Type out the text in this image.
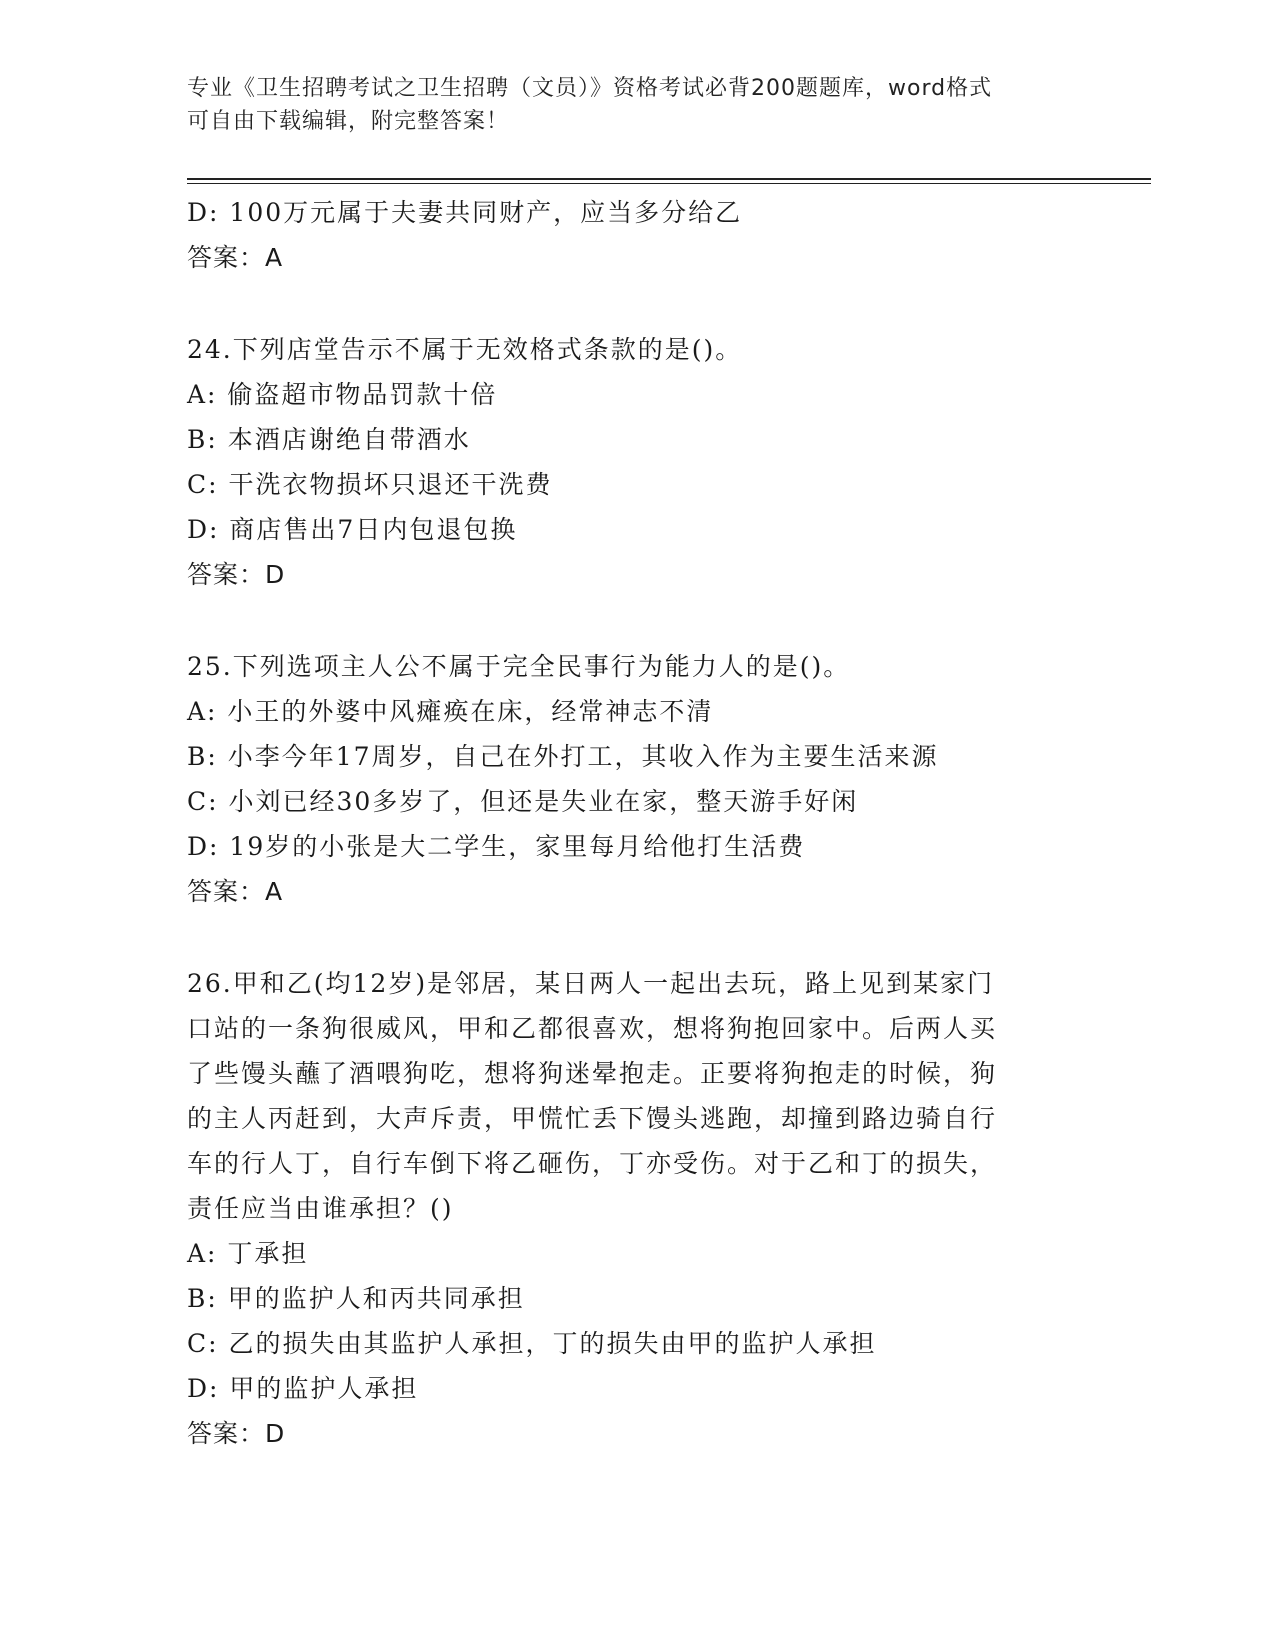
专业《卫生招聘考试之卫生招聘（文员）》资格考试必背200题题库，word格式
可自由下载编辑，附完整答案！
D: 100万元属于夫妻共同财产，应当多分给乙
答案：A
24.下列店堂告示不属于无效格式条款的是()。
A: 偷盗超市物品罚款十倍
B: 本酒店谢绝自带酒水
C: 干洗衣物损坏只退还干洗费
D: 商店售出7日内包退包换
答案：D
25.下列选项主人公不属于完全民事行为能力人的是()。
A: 小王的外婆中风瘫痪在床，经常神志不清
B: 小李今年17周岁，自己在外打工，其收入作为主要生活来源
C: 小刘已经30多岁了，但还是失业在家，整天游手好闲
D: 19岁的小张是大二学生，家里每月给他打生活费
答案：A
26.甲和乙(均12岁)是邻居，某日两人一起出去玩，路上见到某家门
口站的一条狗很威风，甲和乙都很喜欢，想将狗抱回家中。后两人买
了些馒头蘸了酒喂狗吃，想将狗迷晕抱走。正要将狗抱走的时候，狗
的主人丙赶到，大声斥责，甲慌忙丢下馒头逃跑，却撞到路边骑自行
车的行人丁，自行车倒下将乙砸伤，丁亦受伤。对于乙和丁的损失，
责任应当由谁承担？()
A: 丁承担
B: 甲的监护人和丙共同承担
C: 乙的损失由其监护人承担，丁的损失由甲的监护人承担
D: 甲的监护人承担
答案：D
